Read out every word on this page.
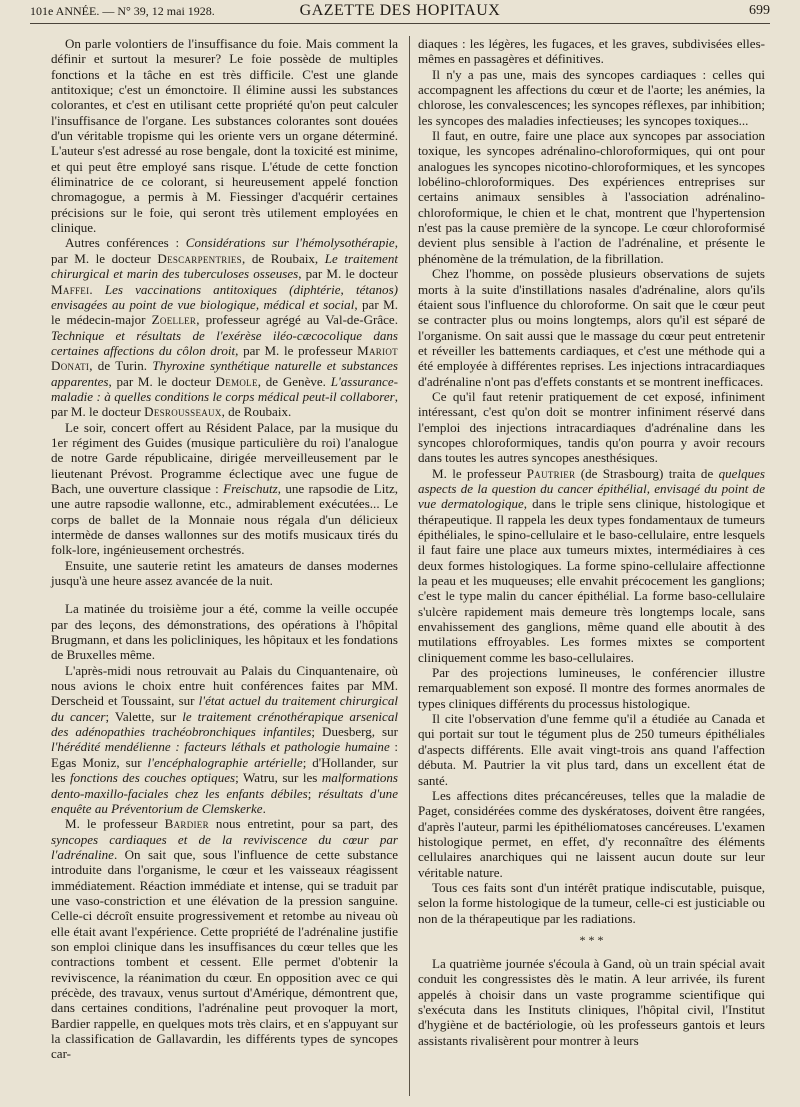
101e ANNÉE. — N° 39, 12 mai 1928.	GAZETTE DES HOPITAUX	699

On parle volontiers de l'insuffisance du foie. Mais comment la définir et surtout la mesurer? Le foie possède de multiples fonctions et la tâche en est très difficile. C'est une glande antitoxique; c'est un émonctoire. Il élimine aussi les substances colorantes, et c'est en utilisant cette propriété qu'on peut calculer l'insuffisance de l'organe. Les substances colorantes sont douées d'un véritable tropisme qui les oriente vers un organe déterminé. L'auteur s'est adressé au rose bengale, dont la toxicité est minime, et qui peut être employé sans risque. L'étude de cette fonction éliminatrice de ce colorant, si heureusement appelé fonction chromagogue, a permis à M. Fiessinger d'acquérir certaines précisions sur le foie, qui seront très utilement employées en clinique.

Autres conférences : Considérations sur l'hémolysothérapie, par M. le docteur Descarpentries, de Roubaix, Le traitement chirurgical et marin des tuberculoses osseuses, par M. le docteur Maffei. Les vaccinations antitoxiques (diphtérie, tétanos) envisagées au point de vue biologique, médical et social, par M. le médecin-major Zoeller, professeur agrégé au Val-de-Grâce. Technique et résultats de l'exérèse iléo-cæcocolique dans certaines affections du côlon droit, par M. le professeur Mariot Donati, de Turin. Thyroxine synthétique naturelle et substances apparentes, par M. le docteur Demole, de Genève. L'assurance-maladie : à quelles conditions le corps médical peut-il collaborer, par M. le docteur Desrousseaux, de Roubaix.

Le soir, concert offert au Résident Palace, par la musique du 1er régiment des Guides (musique particulière du roi) l'analogue de notre Garde républicaine, dirigée merveilleusement par le lieutenant Prévost. Programme éclectique avec une fugue de Bach, une ouverture classique : Freischutz, une rapsodie de Litz, une autre rapsodie wallonne, etc., admirablement exécutées... Le corps de ballet de la Monnaie nous régala d'un délicieux intermède de danses wallonnes sur des motifs musicaux tirés du folk-lore, ingénieusement orchestrés.

Ensuite, une sauterie retint les amateurs de danses modernes jusqu'à une heure assez avancée de la nuit.

La matinée du troisième jour a été, comme la veille occupée par des leçons, des démonstrations, des opérations à l'hôpital Brugmann, et dans les policliniques, les hôpitaux et les fondations de Bruxelles même.

L'après-midi nous retrouvait au Palais du Cinquantenaire, où nous avions le choix entre huit conférences faites par MM. Derscheid et Toussaint, sur l'état actuel du traitement chirurgical du cancer; Valette, sur le traitement crénothérapique arsenical des adénopathies trachéobronchiques infantiles; Duesberg, sur l'hérédité mendélienne : facteurs léthals et pathologie humaine : Egas Moniz, sur l'encéphalographie artérielle; d'Hollander, sur les fonctions des couches optiques; Watru, sur les malformations dento-maxillo-faciales chez les enfants débiles; résultats d'une enquête au Préventorium de Clemskerke.

M. le professeur Bardier nous entretint, pour sa part, des syncopes cardiaques et de la reviviscence du cœur par l'adrénaline. On sait que, sous l'influence de cette substance introduite dans l'organisme, le cœur et les vaisseaux réagissent immédiatement. Réaction immédiate et intense, qui se traduit par une vaso-constriction et une élévation de la pression sanguine. Celle-ci décroît ensuite progressivement et retombe au niveau où elle était avant l'expérience. Cette propriété de l'adrénaline justifie son emploi clinique dans les insuffisances du cœur telles que les contractions tombent et cessent. Elle permet d'obtenir la reviviscence, la réanimation du cœur. En opposition avec ce qui précède, des travaux, venus surtout d'Amérique, démontrent que, dans certaines conditions, l'adrénaline peut provoquer la mort, Bardier rappelle, en quelques mots très clairs, et en s'appuyant sur la classification de Gallavardin, les différents types de syncopes car-

diaques : les légères, les fugaces, et les graves, subdivisées elles-mêmes en passagères et définitives.

Il n'y a pas une, mais des syncopes cardiaques : celles qui accompagnent les affections du cœur et de l'aorte; les anémies, la chlorose, les convalescences; les syncopes réflexes, par inhibition; les syncopes des maladies infectieuses; les syncopes toxiques...

Il faut, en outre, faire une place aux syncopes par association toxique, les syncopes adrénalino-chloroformiques, qui ont pour analogues les syncopes nicotino-chloroformiques, et les syncopes lobélino-chloroformiques. Des expériences entreprises sur certains animaux sensibles à l'association adrénalino-chloroformique, le chien et le chat, montrent que l'hypertension n'est pas la cause première de la syncope. Le cœur chloroformisé devient plus sensible à l'action de l'adrénaline, et présente le phénomène de la trémulation, de la fibrillation.

Chez l'homme, on possède plusieurs observations de sujets morts à la suite d'instillations nasales d'adrénaline, alors qu'ils étaient sous l'influence du chloroforme. On sait que le cœur peut se contracter plus ou moins longtemps, alors qu'il est séparé de l'organisme. On sait aussi que le massage du cœur peut entretenir et réveiller les battements cardiaques, et c'est une méthode qui a été employée à différentes reprises. Les injections intracardiaques d'adrénaline n'ont pas d'effets constants et se montrent inefficaces.

Ce qu'il faut retenir pratiquement de cet exposé, infiniment intéressant, c'est qu'on doit se montrer infiniment réservé dans l'emploi des injections intracardiaques d'adrénaline dans les syncopes chloroformiques, tandis qu'on pourra y avoir recours dans toutes les autres syncopes anesthésiques.

M. le professeur Pautrier (de Strasbourg) traita de quelques aspects de la question du cancer épithélial, envisagé du point de vue dermatologique, dans le triple sens clinique, histologique et thérapeutique. Il rappela les deux types fondamentaux de tumeurs épithéliales, le spino-cellulaire et le baso-cellulaire, entre lesquels il faut faire une place aux tumeurs mixtes, intermédiaires à ces deux formes histologiques. La forme spino-cellulaire affectionne la peau et les muqueuses; elle envahit précocement les ganglions; c'est le type malin du cancer épithélial. La forme baso-cellulaire s'ulcère rapidement mais demeure très longtemps locale, sans envahissement des ganglions, même quand elle aboutit à des mutilations effroyables. Les formes mixtes se comportent cliniquement comme les baso-cellulaires.

Par des projections lumineuses, le conférencier illustre remarquablement son exposé. Il montre des formes anormales de types cliniques différents du processus histologique.

Il cite l'observation d'une femme qu'il a étudiée au Canada et qui portait sur tout le tégument plus de 250 tumeurs épithéliales d'aspects différents. Elle avait vingt-trois ans quand l'affection débuta. M. Pautrier la vit plus tard, dans un excellent état de santé.

Les affections dites précancéreuses, telles que la maladie de Paget, considérées comme des dyskératoses, doivent être rangées, d'après l'auteur, parmi les épithéliomatoses cancéreuses. L'examen histologique permet, en effet, d'y reconnaître des éléments cellulaires anarchiques qui ne laissent aucun doute sur leur véritable nature.

Tous ces faits sont d'un intérêt pratique indiscutable, puisque, selon la forme histologique de la tumeur, celle-ci est justiciable ou non de la thérapeutique par les radiations.

* * *

La quatrième journée s'écoula à Gand, où un train spécial avait conduit les congressistes dès le matin. A leur arrivée, ils furent appelés à choisir dans un vaste programme scientifique qui s'exécuta dans les Instituts cliniques, l'hôpital civil, l'Institut d'hygiène et de bactériologie, où les professeurs gantois et leurs assistants rivalisèrent pour montrer à leurs
